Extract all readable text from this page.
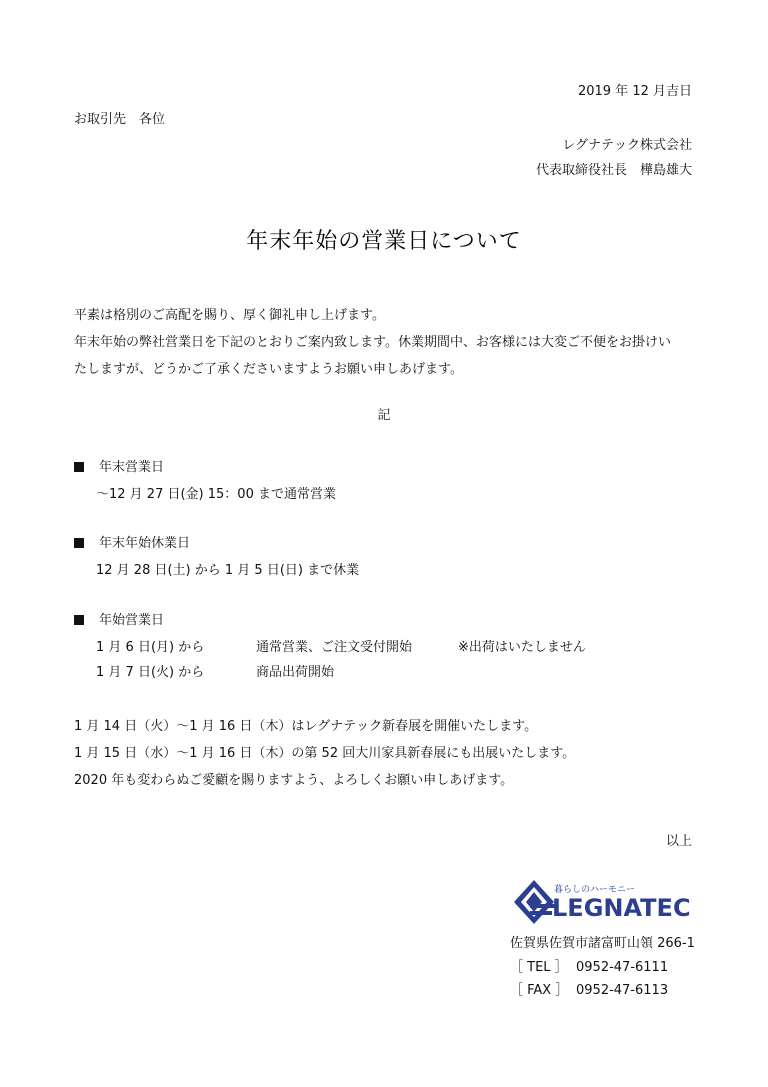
2019 年 12 月吉日
お取引先　各位
レグナテック株式会社
代表取締役社長　樺島雄大
年末年始の営業日について
平素は格別のご高配を賜り、厚く御礼申し上げます。
年末年始の弊社営業日を下記のとおりご案内致します。休業期間中、お客様には大変ご不便をお掛けい
たしますが、どうかご了承くださいますようお願い申しあげます。
記
年末営業日
〜12 月 27 日(金) 15：00 まで通常営業
年末年始休業日
12 月 28 日(土) から 1 月 5 日(日) まで休業
年始営業日
1 月 6 日(月) から	通常営業、ご注文受付開始	※出荷はいたしません
1 月 7 日(火) から	商品出荷開始
1 月 14 日（火）〜1 月 16 日（木）はレグナテック新春展を開催いたします。
1 月 15 日（水）〜1 月 16 日（木）の第 52 回大川家具新春展にも出展いたします。
2020 年も変わらぬご愛顧を賜りますよう、よろしくお願い申しあげます。
以上
暮らしのハーモニー
LEGNATEC
佐賀県佐賀市諸富町山領 266-1
［ TEL ］ 0952-47-6111
［ FAX ］ 0952-47-6113
